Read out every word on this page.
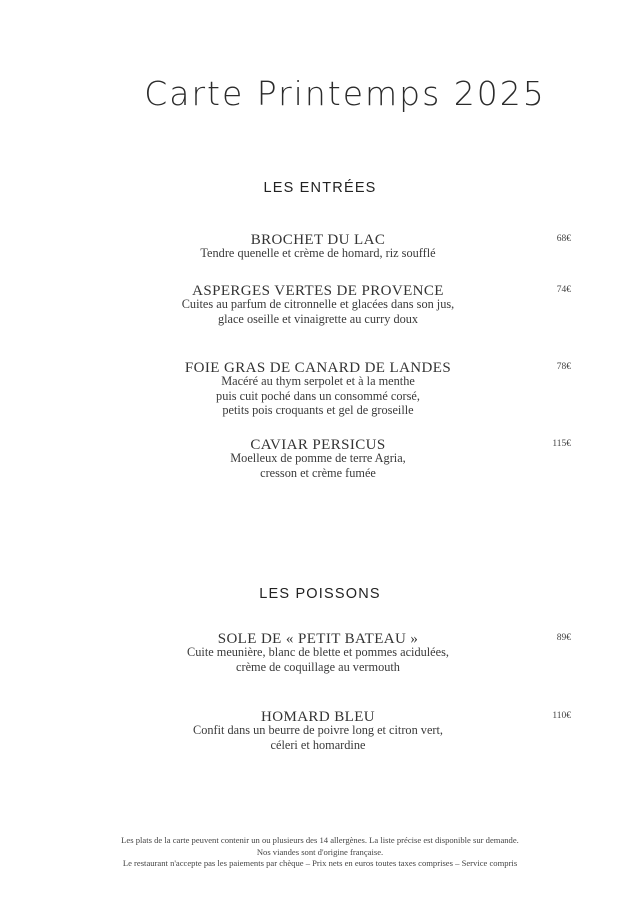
Carte Printemps 2025
LES ENTRÉES
BROCHET DU LAC
Tendre quenelle et crème de homard, riz soufflé
68€
ASPERGES VERTES DE PROVENCE
Cuites au parfum de citronnelle et glacées dans son jus,
glace oseille et vinaigrette au curry doux
74€
FOIE GRAS DE CANARD DE LANDES
Macéré au thym serpolet et à la menthe
puis cuit poché dans un consommé corsé,
petits pois croquants et gel de groseille
78€
CAVIAR PERSICUS
Moelleux de pomme de terre Agria,
cresson et crème fumée
115€
LES POISSONS
SOLE DE « PETIT BATEAU »
Cuite meunière, blanc de blette et pommes acidulées,
crème de coquillage au vermouth
89€
HOMARD BLEU
Confit dans un beurre de poivre long et citron vert,
céleri et homardine
110€
Les plats de la carte peuvent contenir un ou plusieurs des 14 allergènes. La liste précise est disponible sur demande.
Nos viandes sont d'origine française.
Le restaurant n'accepte pas les paiements par chèque – Prix nets en euros toutes taxes comprises – Service compris
